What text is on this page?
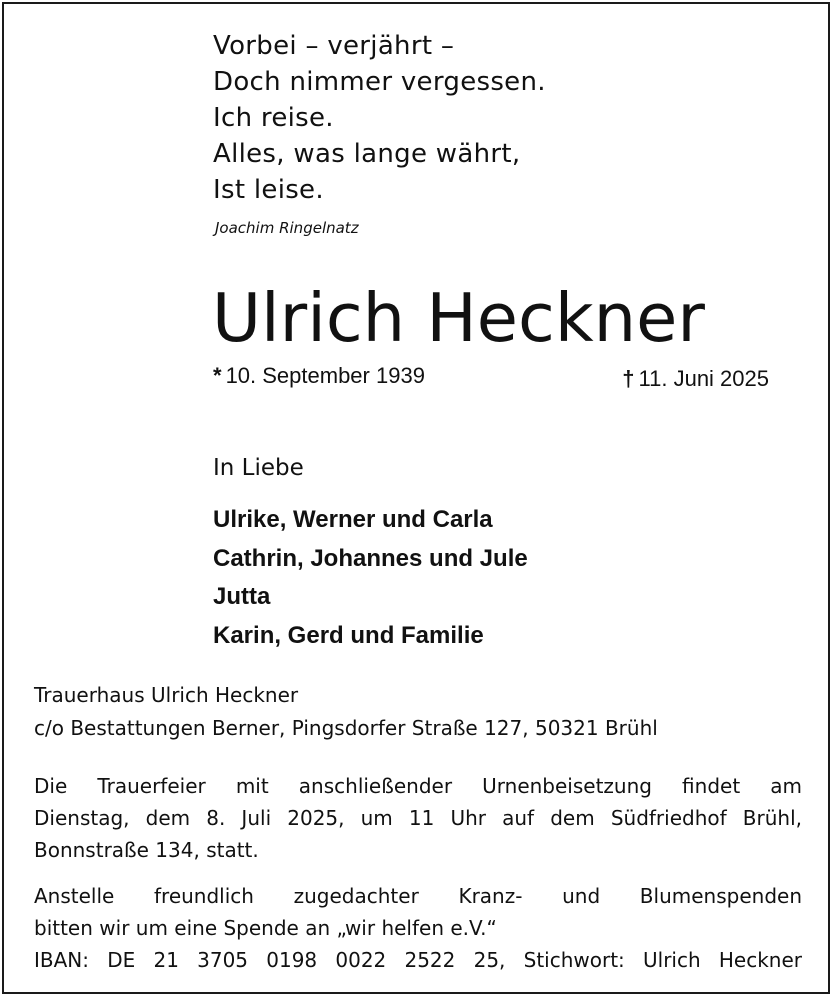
Vorbei – verjährt –
Doch nimmer vergessen.
Ich reise.
Alles, was lange währt,
Ist leise.
Joachim Ringelnatz
Ulrich Heckner
* 10. September 1939	† 11. Juni 2025
In Liebe
Ulrike, Werner und Carla
Cathrin, Johannes und Jule
Jutta
Karin, Gerd und Familie
Trauerhaus Ulrich Heckner
c/o Bestattungen Berner, Pingsdorfer Straße 127, 50321 Brühl
Die Trauerfeier mit anschließender Urnenbeisetzung findet am
Dienstag, dem 8. Juli 2025, um 11 Uhr auf dem Südfriedhof Brühl,
Bonnstraße 134, statt.
Anstelle freundlich zugedachter Kranz- und Blumenspenden
bitten wir um eine Spende an „wir helfen e.V.“
IBAN: DE 21 3705 0198 0022 2522 25, Stichwort: Ulrich Heckner
